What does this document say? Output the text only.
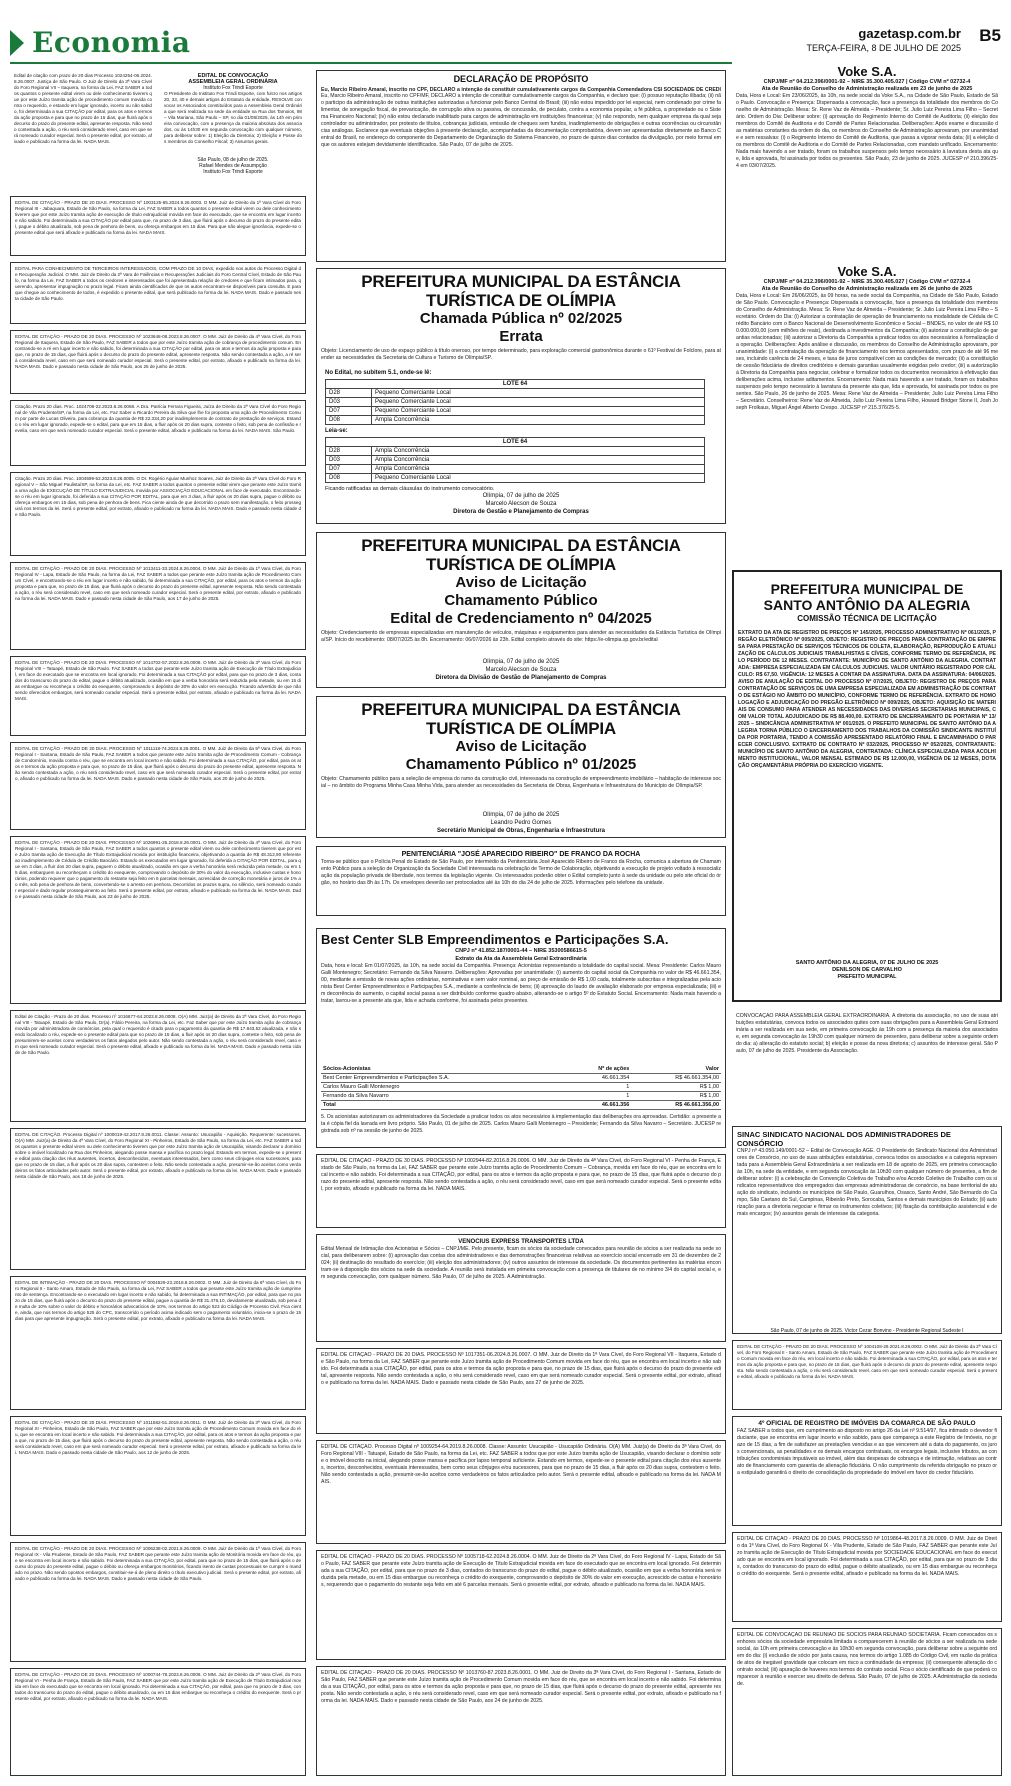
Economia	gazetasp.com.br
TERÇA-FEIRA, 8 DE JULHO DE 2025
B5
Edital de citação com prazo de 20 dias Processo 1024254-06.2024.8.26.0007. Justiça de São Paulo. O Juiz de Direito da 3ª Vara Cível do Foro Regional VII – Itaquera, na forma da Lei, FAZ SABER a todos quantos o presente edital virem ou dele conhecimento tiverem que por este Juízo tramita ação de procedimento comum movida contra o requerido, e estando em lugar ignorado, incerto ou não sabido, foi determinada a sua CITAÇÃO por edital, para os atos e termos da ação proposta e para que no prazo de 15 dias, que fluirá após o decurso do prazo do presente edital, apresente resposta. Não sendo contestada a ação, o réu será considerado revel, caso em que será nomeado curador especial. Será o presente edital, por extrato, afixado e publicado na forma da lei. NADA MAIS.
EDITAL DE CONVOCAÇÃO
ASSEMBLEIA GERAL ORDINÁRIA
Instituto Fox Trindi Esporte
O Presidente do Instituto Fox Trindi Esporte, com fulcro nos artigos 20, 33, 40 e demais artigos do Estatuto da entidade, RESOLVE convocar os Associados constituídos para a Assembleia Geral Ordinária que será realizada na sede da entidade na Rua dos Tamoios, 98 – Vila Mariana, São Paulo – SP, no dia 01/08/2025, às 14h em primeira convocação, com a presença da maioria absoluta dos associados, ou às 14h30 em segunda convocação com qualquer número, para deliberar sobre: 1) Eleição da Diretoria; 2) Eleição e Posse dos membros do Conselho Fiscal; 3) Assuntos gerais.
São Paulo, 08 de julho de 2025.
Rafael Mendes de Assumpção
Instituto Fox Trindi Esporte
EDITAL DE CITAÇÃO - PRAZO DE 20 DIAS. PROCESSO Nº 1003125-65.2024.8.26.0003. O MM. Juiz de Direito da 1ª Vara Cível do Foro Regional III - Jabaquara, Estado de São Paulo, na forma da Lei, FAZ SABER a todos quantos o presente edital virem ou dele conhecimento tiverem que por este Juízo tramita ação de execução de título extrajudicial movida em face do executado, que se encontra em lugar incerto e não sabido. Foi determinada a sua CITAÇÃO por edital para que, no prazo de 3 dias, que fluirá após o decurso do prazo do presente edital, pague o débito atualizado, sob pena de penhora de bens, ou ofereça embargos em 15 dias. Para que não alegue ignorância, expede-se o presente edital que será afixado e publicado na forma da lei. NADA MAIS.
EDITAL PARA CONHECIMENTO DE TERCEIROS INTERESSADOS, COM PRAZO DE 10 DIAS, expedido nos autos do Processo Digital de Recuperação Judicial. O MM. Juiz de Direito da 2ª Vara de Falências e Recuperações Judiciais do Foro Central Cível, Estado de São Paulo, na forma da Lei, FAZ SABER a todos os credores e interessados que foi apresentada relação de credores e que ficam intimados para, querendo, apresentar impugnação no prazo legal. Ficam ainda cientificados de que os autos encontram-se disponíveis para consulta. E para que chegue ao conhecimento de todos, é expedido o presente edital, que será publicado na forma da lei. NADA MAIS. Dado e passado nesta cidade de São Paulo.
EDITAL DE CITAÇÃO - PRAZO DE 20 DIAS. PROCESSO Nº 1023648-08.2023.8.26.0007. O MM. Juiz de Direito da 4ª Vara Cível, do Foro Regional de Itaquera, Estado de São Paulo, FAZ SABER a todos que por este Juízo tramita ação de cobrança de procedimento comum. Encontrando-se a ré em lugar incerto e não sabido, foi determinada a sua CITAÇÃO por edital, para os atos e termos da ação proposta e para que, no prazo de 15 dias, que fluirá após o decurso do prazo do presente edital, apresente resposta. Não sendo contestada a ação, a ré será considerada revel, caso em que será nomeado curador especial. Será o presente edital, por extrato, afixado e publicado na forma da lei. NADA MAIS. Dado e passado nesta cidade de São Paulo, aos 25 de junho de 2025.
Citação. Prazo 20 dias. Proc. 1024708-22.2023.8.26.0068. A Dra. Patrícia Ferrara Figueira, Juíza de Direito da 2ª Vara Cível do Foro Regional de Vila Prudente/SP, na forma da Lei, etc. Faz Saber a Ricardo Pereira da Silva que lhe foi proposta uma ação de Procedimento Comum por parte de Lucas Oliveira, para cobrança da quantia de R$ 22.334,20 por inadimplemento de contrato de prestação de serviços. Estando o réu em lugar ignorado, expede-se o edital, para que em 15 dias, a fluir após os 20 dias supra, conteste o feito, sob pena de confissão e revelia, caso em que será nomeado curador especial. Será o presente edital, afixado e publicado na forma da lei. NADA MAIS. São Paulo.
Citação. Prazo 20 dias. Proc. 1004599-52.2023.8.26.0005. O Dr. Rogério Aguiar Munhoz Soares, Juiz de Direito da 2ª Vara Cível do Foro Regional V – São Miguel Paulista/SP, na forma da Lei, etc. FAZ SABER a todos quantos o presente edital virem que perante este Juízo tramita uma ação de EXECUÇÃO DE TÍTULO EXTRAJUDICIAL movida por ASSOCIAÇÃO EDUCACIONAL em face de executado. Encontrando-se o réu em lugar ignorado, foi deferida a sua CITAÇÃO POR EDITAL, para que em 3 dias, a fluir após os 20 dias supra, pague o débito ou ofereça embargos em 15 dias, sob pena de penhora de bens. Fica ciente ainda de que decorrido o prazo sem manifestação, o feito prosseguirá nos termos da lei. Será o presente edital, por extrato, afixado e publicado na forma da lei. NADA MAIS. Dado e passado nesta cidade de São Paulo.
EDITAL DE CITAÇÃO - PRAZO DE 20 DIAS. PROCESSO Nº 1013411-33.2024.8.26.0004. O MM. Juiz de Direito da 1ª Vara Cível, do Foro Regional IV - Lapa, Estado de São Paulo, na forma da Lei, FAZ SABER a todos que perante este Juízo tramita ação de Procedimento Comum Cível, e encontrando-se o réu em lugar incerto e não sabido, foi determinada a sua CITAÇÃO, por edital, para os atos e termos da ação proposta e para que, no prazo de 15 dias, que fluirá após o decurso do prazo do presente edital, apresente resposta. Não sendo contestada a ação, o réu será considerado revel, caso em que será nomeado curador especial. Será o presente edital, por extrato, afixado e publicado na forma da lei. NADA MAIS. Dado e passado nesta cidade de São Paulo, aos 17 de junho de 2025.
EDITAL DE CITAÇÃO - PRAZO DE 20 DIAS. PROCESSO Nº 1014702-57.2022.8.26.0008. O MM. Juiz de Direito da 3ª Vara Cível, do Foro Regional VIII – Tatuapé, Estado de São Paulo. FAZ SABER a todos que perante este Juízo tramita ação de Execução de Título Extrajudicial, em face do executado que se encontra em local ignorado. Foi determinada a sua CITAÇÃO por edital, para que no prazo de 3 dias, contados do transcurso do prazo do edital, pague o débito atualizado, ocasião em que a verba honorária será reduzida pela metade, ou em 15 dias embargue ou reconheça o crédito do exequente, comprovando o depósito de 30% do valor em execução. Ficando advertido de que não sendo oferecidos embargos, será nomeado curador especial. Será o presente edital, por extrato, afixado e publicado na forma da lei. NADA MAIS.
EDITAL DE CITAÇÃO - PRAZO DE 20 DIAS. PROCESSO Nº 1011118-74.2024.8.26.0001. O MM. Juiz de Direito da 5ª Vara Cível, do Foro Regional I - Santana, Estado de São Paulo, FAZ SABER a todos que perante este Juízo tramita ação de Procedimento Comum - Cobrança de Condomínio, movida contra o réu, que se encontra em local incerto e não sabido. Foi determinada a sua CITAÇÃO, por edital, para os atos e termos da ação proposta e para que, no prazo de 15 dias, que fluirá após o decurso do prazo do presente edital, apresente resposta. Não sendo contestada a ação, o réu será considerado revel, caso em que será nomeado curador especial. Será o presente edital, por extrato, afixado e publicado na forma da lei. NADA MAIS. Dado e passado nesta cidade de São Paulo, aos 20 de junho de 2025.
EDITAL DE CITAÇÃO - PRAZO DE 20 DIAS. PROCESSO Nº 1026991-26.2018.8.26.0001. O MM. Juiz de Direito da 4ª Vara Cível, do Foro Regional I - Santana, Estado de São Paulo, FAZ SABER a todos quantos o presente edital virem ou dele conhecimento tiverem que por este Juízo tramita ação de Execução de Título Extrajudicial movida por instituição financeira, objetivando a quantia de R$ 48.312,90 referente ao inadimplemento de Cédula de Crédito Bancário. Estando os executados em lugar ignorado, foi deferida a CITAÇÃO POR EDITAL, para que em 3 dias, a fluir dos 20 dias supra, paguem o débito atualizado, ocasião em que a verba honorária será reduzida pela metade, ou em 15 dias, embarguem ou reconheçam o crédito do exequente, comprovando o depósito de 30% do valor da execução, inclusive custas e honorários, podendo requerer que o pagamento do restante seja feito em 6 parcelas mensais, acrescidas de correção monetária e juros de 1% ao mês, sob pena de penhora de bens, convertendo-se o arresto em penhora. Decorridos os prazos supra, no silêncio, será nomeado curador especial e dado regular prosseguimento ao feito. Será o presente edital, por extrato, afixado e publicado na forma da lei. NADA MAIS. Dado e passado nesta cidade de São Paulo, aos 23 de junho de 2025.
Edital de Citação - Prazo de 20 dias. Processo nº 1016677-64.2023.8.26.0008. O(A) MM. Juiz(a) de Direito da 2ª Vara Cível, do Foro Regional VIII - Tatuapé, Estado de São Paulo, Dr(a). Fábio Pereira, na forma da Lei, etc. Faz Saber que por este Juízo tramita ação de cobrança movida por administradora de consórcios, pela qual o requerido é citado para o pagamento da quantia de R$ 17.843,52 atualizada, e não sendo localizado o réu, expede-se o presente edital para que no prazo de 15 dias, a fluir após os 20 dias supra, conteste o feito, sob pena de presumirem-se aceitos como verdadeiros os fatos alegados pelo autor. Não sendo contestada a ação, o réu será considerado revel, caso em que será nomeado curador especial. Será o presente edital, afixado e publicado na forma da lei. NADA MAIS. Dado e passado nesta cidade de São Paulo.
EDITAL DE CITAÇÃO. Processo Digital nº 1000019-42.2017.8.26.0011. Classe: Assunto: Usucapião - Aquisição. Requerente: sucessores. O(A) MM. Juiz(a) de Direito da 4ª Vara Cível, do Foro Regional XI - Pinheiros, Estado de São Paulo, na forma da Lei, etc. FAZ SABER a todos quantos o presente edital virem ou dele conhecimento tiverem que por este Juízo tramita ação de Usucapião, visando declarar o domínio sobre o imóvel localizado na Rua dos Pinheiros, alegando posse mansa e pacífica no prazo legal. Estando em termos, expede-se o presente edital para citação dos réus ausentes, incertos, desconhecidos, eventuais interessados, bem como seus cônjuges e/ou sucessores, para que no prazo de 15 dias, a fluir após os 20 dias supra, contestem o feito. Não sendo contestada a ação, presumir-se-ão aceitos como verdadeiros os fatos articulados pelo autor. Será o presente edital, por extrato, afixado e publicado na forma da lei. NADA MAIS. Dado e passado nesta cidade de São Paulo, aos 18 de junho de 2025.
EDITAL DE INTIMAÇÃO - PRAZO DE 20 DIAS. PROCESSO Nº 0004529-23.2018.8.26.0002. O MM. Juiz de Direito da 6ª Vara Cível, do Foro Regional II - Santo Amaro, Estado de São Paulo, na forma da Lei, FAZ SABER a todos que perante este Juízo tramita ação de cumprimento de sentença. Encontrando-se o executado em lugar incerto e não sabido, foi determinada a sua INTIMAÇÃO, por edital, para que no prazo de 15 dias, que fluirá após o decurso do prazo do presente edital, pague a quantia de R$ 31.476,10, devidamente atualizada, sob pena de multa de 10% sobre o valor do débito e honorários advocatícios de 10%, nos termos do artigo 523 do Código de Processo Civil. Fica ciente, ainda, que nos termos do artigo 525 do CPC, transcorrido o período acima indicado sem o pagamento voluntário, inicia-se o prazo de 15 dias para que apresente impugnação. Será o presente edital, por extrato, afixado e publicado na forma da lei. NADA MAIS.
EDITAL DE CITAÇÃO - PRAZO DE 20 DIAS. PROCESSO Nº 1011582-51.2019.8.26.0011. O MM. Juiz de Direito da 3ª Vara Cível, do Foro Regional XI - Pinheiros, Estado de São Paulo, FAZ SABER que por este Juízo tramita ação de Procedimento Comum movida em face do réu, que se encontra em local incerto e não sabido. Foi determinada a sua CITAÇÃO, por edital, para os atos e termos da ação proposta e para que, no prazo de 15 dias, que fluirá após o decurso do prazo do presente edital, apresente resposta. Não sendo contestada a ação, o réu será considerado revel, caso em que será nomeado curador especial. Será o presente edital, por extrato, afixado e publicado na forma da lei. NADA MAIS. Dado e passado nesta cidade de São Paulo, aos 12 de junho de 2025.
EDITAL DE CITAÇÃO - PRAZO DE 20 DIAS. PROCESSO Nº 1006238-02.2021.8.26.0009. O MM. Juiz de Direito da 1ª Vara Cível, do Foro Regional IX - Vila Prudente, Estado de São Paulo, FAZ SABER que perante este Juízo tramita ação de Monitória movida em face do réu, que se encontra em local incerto e não sabido. Foi determinada a sua CITAÇÃO, por edital, para que no prazo de 15 dias, que fluirá após o decurso do prazo do presente edital, pague o débito ou ofereça embargos monitórios, ficando isento de custas processuais se cumprir o mandado no prazo. Não sendo opostos embargos, constituir-se-á de pleno direito o título executivo judicial. Será o presente edital, por extrato, afixado e publicado na forma da lei. NADA MAIS. Dado e passado nesta cidade de São Paulo.
EDITAL DE CITAÇÃO - PRAZO DE 20 DIAS. PROCESSO Nº 1000744-78.2023.8.26.0006. O MM. Juiz de Direito da 2ª Vara Cível, do Foro Regional VI - Penha de França, Estado de São Paulo, FAZ SABER que por este Juízo tramita ação de Execução de Título Extrajudicial movida em face do executado que se encontra em local ignorado. Foi determinada a sua CITAÇÃO, por edital, para que no prazo de 3 dias, contados do transcurso do prazo do edital, pague o débito atualizado, ou em 15 dias embargue ou reconheça o crédito do exequente. Será o presente edital, por extrato, afixado e publicado na forma da lei. NADA MAIS.
DECLARAÇÃO DE PROPÓSITO
Eu, Marcio Ribeiro Amaral, inscrito no CPF, DECLARO a intenção de constituir cumulativamente cargos da Companhia Comendadora CSI SOCIEDADE DE CRÉDI
Eu, Marcio Ribeiro Amaral, inscrito no CPF/MF, DECLARO a intenção de constituir cumulativamente cargos da Companhia, e declaro que: (i) possuo reputação ilibada; (ii) não participo da administração de outras instituições autorizadas a funcionar pelo Banco Central do Brasil; (iii) não estou impedido por lei especial, nem condenado por crime falimentar, de sonegação fiscal, de prevaricação, de corrupção ativa ou passiva, de concussão, de peculato, contra a economia popular, a fé pública, a propriedade ou o Sistema Financeiro Nacional; (iv) não estou declarado inabilitado para cargos de administração em instituições financeiras; (v) não respondo, nem qualquer empresa da qual seja controlador ou administrador, por protesto de títulos, cobranças judiciais, emissão de cheques sem fundos, inadimplemento de obrigações e outras ocorrências ou circunstâncias análogas. Esclarece que eventuais objeções à presente declaração, acompanhadas da documentação comprobatória, devem ser apresentadas diretamente ao Banco Central do Brasil, no endereço do componente do Departamento de Organização do Sistema Financeiro, no prazo de quinze dias contados da divulgação, por meio formal em que os autores estejam devidamente identificados. São Paulo, 07 de julho de 2025.
PREFEITURA MUNICIPAL DA ESTÂNCIA
TURÍSTICA DE OLÍMPIA
Chamada Pública nº 02/2025
Errata
Objeto: Licenciamento de uso de espaço público à título oneroso, por tempo determinado, para exploração comercial gastronômica durante o 61º Festival de Folclore, para atender as necessidades da Secretaria de Cultura e Turismo de Olímpia/SP.
No Edital, no subitem 5.1, onde-se lê:
LOTE 64	
D28	Pequeno Comerciante Local
D03	Pequeno Comerciante Local
D07	Pequeno Comerciante Local
D08	Ampla Concorrência
Leia-se:
LOTE 64	
D28	Ampla Concorrência
D03	Ampla Concorrência
D07	Ampla Concorrência
D08	Pequeno Comerciante Local
Ficando ratificadas as demais cláusulas do instrumento convocatório.
Olímpia, 07 de julho de 2025
Marcelo Alecson de Souza
Diretora de Gestão e Planejamento de Compras
PREFEITURA MUNICIPAL DA ESTÂNCIA
TURÍSTICA DE OLÍMPIA
Aviso de Licitação
Chamamento Público
Edital de Credenciamento nº 04/2025
Objeto: Credenciamento de empresas especializadas em manutenção de veículos, máquinas e equipamentos para atender as necessidades da Estância Turística de Olímpia/SP. Início do recebimento: 08/07/2025 às 8h. Encerramento: 06/07/2026 às 23h. Edital completo através do site: https://e-olimpia.sp.gov.br/edital
Olímpia, 07 de julho de 2025
Marcelo Alecson de Souza
Diretora da Divisão de Gestão de Planejamento de Compras
PREFEITURA MUNICIPAL DA ESTÂNCIA
TURÍSTICA DE OLÍMPIA
Aviso de Licitação
Chamamento Público nº 01/2025
Objeto: Chamamento público para a seleção de empresa do ramo da construção civil, interessada na construção de empreendimento imobiliário – habitação de interesse social – no âmbito do Programa Minha Casa Minha Vida, para atender as necessidades da Secretaria de Obras, Engenharia e Infraestrutura do Município de Olímpia/SP.
Olímpia, 07 de julho de 2025
Leandro Pedro Gomes
Secretário Municipal de Obras, Engenharia e Infraestrutura
PENITENCIÁRIA "JOSÉ APARECIDO RIBEIRO" DE FRANCO DA ROCHA
Torna-se público que o Polícia Penal do Estado de São Paulo, por intermédio da Penitenciária José Aparecido Ribeiro de Franco da Rocha, comunica a abertura de Chamamento Público para a seleção de Organização da Sociedade Civil interessada na celebração de Termo de Colaboração, objetivando a execução de projeto voltado à ressocialização da população privada de liberdade, nos termos da legislação vigente. Os interessados poderão obter o Edital completo junto à sede da unidade ou pelo site oficial do órgão, no horário das 8h às 17h. Os envelopes deverão ser protocolados até às 10h do dia 24 de julho de 2025. Informações pelo telefone da unidade.
Best Center SLB Empreendimentos e Participações S.A.
CNPJ nº 41.852.187/0001-44 – NIRE 35300586615-5
Extrato da Ata da Assembleia Geral Extraordinária
Data, hora e local: Em 01/07/2025, às 10h, na sede social da Companhia. Presença: Acionistas representando a totalidade do capital social. Mesa: Presidente: Carlos Mauro Galli Montenegro; Secretário: Fernando da Silva Navarro. Deliberações: Aprovadas por unanimidade: (i) aumento do capital social da Companhia no valor de R$ 46.661.354,00, mediante a emissão de novas ações ordinárias, nominativas e sem valor nominal, ao preço de emissão de R$ 1,00 cada, totalmente subscritas e integralizadas pela acionista Best Center Empreendimentos e Participações S.A., mediante a conferência de bens; (ii) aprovação do laudo de avaliação elaborado por empresa especializada; (iii) em decorrência do aumento, o capital social passa a ser distribuído conforme quadro abaixo, alterando-se o artigo 5º do Estatuto Social. Encerramento: Nada mais havendo a tratar, lavrou-se a presente ata que, lida e achada conforme, foi assinada pelos presentes.
Sócios-Acionistas	Nº de ações	Valor
Best Center Empreendimentos e Participações S.A.	46.661.354	R$ 46.661.354,00
Carlos Mauro Galli Montenegro	1	R$ 1,00
Fernando da Silva Navarro	1	R$ 1,00
Total	46.661.356	R$ 46.661.356,00
5. Os acionistas autorizaram os administradores da Sociedade a praticar todos os atos necessários à implementação das deliberações ora aprovadas. Certidão: a presente ata é cópia fiel da lavrada em livro próprio. São Paulo, 01 de julho de 2025. Carlos Mauro Galli Montenegro – Presidente; Fernando da Silva Navarro – Secretário. JUCESP registrada sob nº na sessão de junho de 2025.
EDITAL DE CITAÇÃO - PRAZO DE 30 DIAS. PROCESSO Nº 1002944-82.2016.8.26.0006. O MM. Juiz de Direito da 4ª Vara Cível, do Foro Regional VI - Penha de França, Estado de São Paulo, na forma da Lei, FAZ SABER que perante este Juízo tramita ação de Procedimento Comum – Cobrança, movida em face do réu, que se encontra em local incerto e não sabido. Foi determinada a sua CITAÇÃO, por edital, para os atos e termos da ação proposta e para que, no prazo de 15 dias, que fluirá após o decurso do prazo do presente edital, apresente resposta. Não sendo contestada a ação, o réu será considerado revel, caso em que será nomeado curador especial. Será o presente edital, por extrato, afixado e publicado na forma da lei. NADA MAIS.
VENOCIUS EXPRESS TRANSPORTES LTDA
Edital Mensal de Intimação dos Acionistas e Sócios – CNPJ/ME. Pelo presente, ficam os sócios da sociedade convocados para reunião de sócios a ser realizada na sede social, para deliberarem sobre: (i) aprovação das contas dos administradores e das demonstrações financeiras relativas ao exercício social encerrado em 31 de dezembro de 2024; (ii) destinação do resultado do exercício; (iii) eleição dos administradores; (iv) outros assuntos de interesse da sociedade. Os documentos pertinentes às matérias encontram-se à disposição dos sócios na sede da sociedade. A reunião será instalada em primeira convocação com a presença de titulares de no mínimo 3/4 do capital social e, em segunda convocação, com qualquer número. São Paulo, 07 de julho de 2025. A Administração.
EDITAL DE CITAÇÃO - PRAZO DE 20 DIAS. PROCESSO Nº 1017351-06.2024.8.26.0007. O MM. Juiz de Direito da 1ª Vara Cível, do Foro Regional VII - Itaquera, Estado de São Paulo, na forma da Lei, FAZ SABER que perante este Juízo tramita ação de Procedimento Comum movida em face do réu, que se encontra em local incerto e não sabido. Foi determinada a sua CITAÇÃO, por edital, para os atos e termos da ação proposta e para que, no prazo de 15 dias, que fluirá após o decurso do prazo do presente edital, apresente resposta. Não sendo contestada a ação, o réu será considerado revel, caso em que será nomeado curador especial. Será o presente edital, por extrato, afixado e publicado na forma da lei. NADA MAIS. Dado e passado nesta cidade de São Paulo, aos 27 de junho de 2025.
EDITAL DE CITAÇÃO. Processo Digital nº 1009254-64.2019.8.26.0008. Classe: Assunto: Usucapião - Usucapião Ordinária. O(A) MM. Juiz(a) de Direito da 3ª Vara Cível, do Foro Regional VIII - Tatuapé, Estado de São Paulo, na forma da Lei, etc. FAZ SABER a todos que por este Juízo tramita ação de Usucapião, visando declarar o domínio sobre o imóvel descrito na inicial, alegando posse mansa e pacífica por lapso temporal suficiente. Estando em termos, expede-se o presente edital para citação dos réus ausentes, incertos, desconhecidos, eventuais interessados, bem como seus cônjuges e/ou sucessores, para que no prazo de 15 dias, a fluir após os 20 dias supra, contestem o feito. Não sendo contestada a ação, presumir-se-ão aceitos como verdadeiros os fatos articulados pelo autor. Será o presente edital, afixado e publicado na forma da lei. NADA MAIS.
EDITAL DE CITAÇÃO - PRAZO DE 20 DIAS. PROCESSO Nº 1005718-62.2024.8.26.0004. O MM. Juiz de Direito da 2ª Vara Cível, do Foro Regional IV - Lapa, Estado de São Paulo, FAZ SABER que perante este Juízo tramita ação de Execução de Título Extrajudicial movida em face do executado que se encontra em local ignorado. Foi determinada a sua CITAÇÃO, por edital, para que no prazo de 3 dias, contados do transcurso do prazo do edital, pague o débito atualizado, ocasião em que a verba honorária será reduzida pela metade, ou em 15 dias embargue ou reconheça o crédito do exequente, comprovando o depósito de 30% do valor em execução, acrescido de custas e honorários, requerendo que o pagamento do restante seja feito em até 6 parcelas mensais. Será o presente edital, por extrato, afixado e publicado na forma da lei. NADA MAIS.
EDITAL DE CITAÇÃO - PRAZO DE 20 DIAS. PROCESSO Nº 1013760-87.2023.8.26.0001. O MM. Juiz de Direito da 3ª Vara Cível, do Foro Regional I - Santana, Estado de São Paulo, FAZ SABER que perante este Juízo tramita ação de Procedimento Comum movida em face do réu, que se encontra em local incerto e não sabido. Foi determinada a sua CITAÇÃO, por edital, para os atos e termos da ação proposta e para que, no prazo de 15 dias, que fluirá após o decurso do prazo do presente edital, apresente resposta. Não sendo contestada a ação, o réu será considerado revel, caso em que será nomeado curador especial. Será o presente edital, por extrato, afixado e publicado na forma da lei. NADA MAIS. Dado e passado nesta cidade de São Paulo, aos 24 de junho de 2025.
Voke S.A.
CNPJ/MF nº 04.212.396/0001-92 – NIRE 35.300.405.027 | Código CVM nº 02732-4
Ata de Reunião do Conselho de Administração realizada em 23 de junho de 2025
Data, Hora e Local: Em 23/06/2025, às 10h, na sede social da Voke S.A., na Cidade de São Paulo, Estado de São Paulo. Convocação e Presença: Dispensada a convocação, face a presença da totalidade dos membros do Conselho de Administração. Mesa: Sr. Rene Vaz de Almeida – Presidente; Sr. Julio Luiz Pereira Lima Filho – Secretário. Ordem do Dia: Deliberar sobre: (i) aprovação do Regimento Interno do Comitê de Auditoria; (ii) eleição dos membros do Comitê de Auditoria e do Comitê de Partes Relacionadas. Deliberações: Após exame e discussão das matérias constantes da ordem do dia, os membros do Conselho de Administração aprovaram, por unanimidade e sem ressalvas: (i) o Regimento Interno do Comitê de Auditoria, que passa a vigorar nesta data; (ii) a eleição dos membros do Comitê de Auditoria e do Comitê de Partes Relacionadas, com mandato unificado. Encerramento: Nada mais havendo a ser tratado, foram os trabalhos suspensos pelo tempo necessário à lavratura desta ata que, lida e aprovada, foi assinada por todos os presentes. São Paulo, 23 de junho de 2025. JUCESP nº 210.396/25-4 em 03/07/2025.
Voke S.A.
CNPJ/MF nº 04.212.396/0001-92 – NIRE 35.300.405.027 | Código CVM nº 02732-4
Ata de Reunião do Conselho de Administração realizada em 26 de junho de 2025
Data, Hora e Local: Em 26/06/2025, às 09 horas, na sede social da Companhia, na Cidade de São Paulo, Estado de São Paulo. Convocação e Presença: Dispensada a convocação, face a presença da totalidade dos membros do Conselho de Administração. Mesa: Sr. Rene Vaz de Almeida – Presidente; Sr. Julio Luiz Pereira Lima Filho – Secretário. Ordem do Dia: (i) Autorizar a contratação de operação de financiamento na modalidade de Cédula de Crédito Bancário com o Banco Nacional de Desenvolvimento Econômico e Social – BNDES, no valor de até R$ 100.000.000,00 (cem milhões de reais), destinada a investimentos da Companhia; (ii) autorizar a constituição de garantias relacionadas; (iii) autorizar a Diretoria da Companhia a praticar todos os atos necessários à formalização da operação. Deliberações: Após análise e discussão, os membros do Conselho de Administração aprovaram, por unanimidade: (i) a contratação da operação de financiamento nos termos apresentados, com prazo de até 96 meses, incluindo carência de 24 meses, e taxa de juros compatível com as condições de mercado; (ii) a constituição de cessão fiduciária de direitos creditórios e demais garantias usualmente exigidas pelo credor; (iii) a autorização à Diretoria da Companhia para negociar, celebrar e formalizar todos os documentos necessários à efetivação das deliberações acima, inclusive aditamentos. Encerramento: Nada mais havendo a ser tratado, foram os trabalhos suspensos pelo tempo necessário à lavratura da presente ata que, lida e aprovada, foi assinada por todos os presentes. São Paulo, 26 de junho de 2025. Mesa: Rene Vaz de Almeida – Presidente; Julio Luiz Pereira Lima Filho – Secretário. Conselheiros: Rene Vaz de Almeida, Julio Luiz Pereira Lima Filho, Howard Bridger Stone II, Josh Joseph Frolkaus, Miguel Ángel Alberto Crespo. JUCESP nº 215.376/25-5.
PREFEITURA MUNICIPAL DE
SANTO ANTÔNIO DA ALEGRIA
COMISSÃO TÉCNICA DE LICITAÇÃO
EXTRATO DA ATA DE REGISTRO DE PREÇOS Nº 145/2025, PROCESSO ADMINISTRATIVO Nº 061/2025, PREGÃO ELETRÔNICO Nº 005/2025, OBJETO: REGISTRO DE PREÇOS PARA CONTRATAÇÃO DE EMPRESA PARA PRESTAÇÃO DE SERVIÇOS TÉCNICOS DE COLETA, ELABORAÇÃO, REPRODUÇÃO E ATUALIZAÇÃO DE CÁLCULOS JUDICIAIS TRABALHISTAS E CÍVEIS, CONFORME TERMO DE REFERÊNCIA, PELO PERÍODO DE 12 MESES. CONTRATANTE: MUNICÍPIO DE SANTO ANTÔNIO DA ALEGRIA. CONTRATADA: EMPRESA ESPECIALIZADA EM CÁLCULOS JUDICIAIS. VALOR UNITÁRIO REGISTRADO POR CÁLCULO: R$ 67,50. VIGÊNCIA: 12 MESES A CONTAR DA ASSINATURA. DATA DA ASSINATURA: 04/06/2025. AVISO DE ANULAÇÃO DE EDITAL DO PROCESSO Nº 07/2025, OBJETO: REGISTRO DE PREÇOS PARA CONTRATAÇÃO DE SERVIÇOS DE UMA EMPRESA ESPECIALIZADA EM ADMINISTRAÇÃO DE CONTRATO DE ESTÁGIO NO ÂMBITO DO MUNICÍPIO, CONFORME TERMO DE REFERÊNCIA. EXTRATO DE HOMOLOGAÇÃO E ADJUDICAÇÃO DO PREGÃO ELETRÔNICO Nº 009/2025, OBJETO: AQUISIÇÃO DE MATERIAIS DE CONSUMO PARA ATENDER AS NECESSIDADES DAS DIVERSAS SECRETARIAS MUNICIPAIS, COM VALOR TOTAL ADJUDICADO DE R$ 88.400,00. EXTRATO DE ENCERRAMENTO DE PORTARIA Nº 13/2025 – SINDICÂNCIA ADMINISTRATIVA Nº 001/2025. O PREFEITO MUNICIPAL DE SANTO ANTÔNIO DA ALEGRIA TORNA PÚBLICO O ENCERRAMENTO DOS TRABALHOS DA COMISSÃO SINDICANTE INSTITUÍDA POR PORTARIA, TENDO A COMISSÃO APRESENTADO RELATÓRIO FINAL E ENCAMINHADO O PARECER CONCLUSIVO. EXTRATO DE CONTRATO Nº 032/2025, PROCESSO Nº 052/2025, CONTRATANTE: MUNICÍPIO DE SANTO ANTÔNIO DA ALEGRIA, CONTRATADA: CLÍNICA ESPECIALIZADA PARA ACOLHIMENTO INSTITUCIONAL, VALOR MENSAL ESTIMADO DE R$ 12.000,00, VIGÊNCIA DE 12 MESES, DOTAÇÃO ORÇAMENTÁRIA PRÓPRIA DO EXERCÍCIO VIGENTE.
SANTO ANTÔNIO DA ALEGRIA, 07 DE JULHO DE 2025
DENILSON DE CARVALHO
PREFEITO MUNICIPAL
CONVOCAÇÃO PARA ASSEMBLEIA GERAL EXTRAORDINÁRIA. A diretoria da associação, no uso de suas atribuições estatutárias, convoca todos os associados quites com suas obrigações para a Assembleia Geral Extraordinária a ser realizada em sua sede, em primeira convocação às 19h com a presença da maioria dos associados e, em segunda convocação às 19h30 com qualquer número de presentes, para deliberar sobre a seguinte ordem do dia: a) alteração do estatuto social; b) eleição e posse da nova diretoria; c) assuntos de interesse geral. São Paulo, 07 de julho de 2025. Presidente da Associação.
SINAC SINDICATO NACIONAL DOS ADMINISTRADORES DE CONSÓRCIO
CNPJ nº 43.050.149/0001-52 – Edital de Convocação AGE. O Presidente do Sindicato Nacional dos Administradores de Consórcio, no uso de suas atribuições estatutárias, convoca todos os associados e a categoria representada para a Assembleia Geral Extraordinária a ser realizada em 18 de agosto de 2025, em primeira convocação às 10h, na sede da entidade, e em segunda convocação às 10h30 com qualquer número de presentes, a fim de deliberar sobre: (i) a celebração de Convenção Coletiva de Trabalho e/ou Acordo Coletivo de Trabalho com os sindicatos representativos dos empregados das empresas administradoras de consórcio, na base territorial de atuação do sindicato, incluindo os municípios de São Paulo, Guarulhos, Osasco, Santo André, São Bernardo do Campo, São Caetano do Sul, Campinas, Ribeirão Preto, Sorocaba, Santos e demais municípios do Estado; (ii) autorização para a diretoria negociar e firmar os instrumentos coletivos; (iii) fixação da contribuição assistencial e demais encargos; (iv) assuntos gerais de interesse da categoria.
São Paulo, 07 de junho de 2025. Victor Cezar Bonvino - Presidente Regional Sudeste I
EDITAL DE CITAÇÃO - PRAZO DE 20 DIAS. PROCESSO Nº 1004108-29.2021.8.26.0002. O MM. Juiz de Direito da 2ª Vara Cível, do Foro Regional II - Santo Amaro, Estado de São Paulo, FAZ SABER que perante este Juízo tramita ação de Procedimento Comum movida em face do réu, em local incerto e não sabido. Foi determinada a sua CITAÇÃO, por edital, para os atos e termos da ação proposta e para que, no prazo de 15 dias, que fluirá após o decurso do prazo do presente edital, apresente resposta. Não sendo contestada a ação, o réu será considerado revel, caso em que será nomeado curador especial. Será o presente edital, afixado e publicado na forma da lei. NADA MAIS.
4º OFICIAL DE REGISTRO DE IMÓVEIS DA COMARCA DE SÃO PAULO
FAZ SABER a todos que, em cumprimento ao disposto no artigo 26 da Lei nº 9.514/97, fica intimado o devedor fiduciante, que se encontra em lugar incerto e não sabido, para que compareça a este Registro de Imóveis, no prazo de 15 dias, a fim de satisfazer as prestações vencidas e as que vencerem até a data do pagamento, os juros convencionais, as penalidades e os demais encargos contratuais, os encargos legais, inclusive tributos, as contribuições condominiais imputáveis ao imóvel, além das despesas de cobrança e de intimação, relativas ao contrato de financiamento com garantia de alienação fiduciária. O não cumprimento da referida obrigação no prazo ora estipulado garantirá o direito de consolidação da propriedade do imóvel em favor do credor fiduciário.
EDITAL DE CITAÇÃO - PRAZO DE 20 DIAS. PROCESSO Nº 1019864-48.2017.8.26.0009. O MM. Juiz de Direito da 1ª Vara Cível, do Foro Regional IX - Vila Prudente, Estado de São Paulo, FAZ SABER que perante este Juízo tramita ação de Execução de Título Extrajudicial movida por SOCIEDADE EDUCACIONAL em face do executado que se encontra em local ignorado. Foi determinada a sua CITAÇÃO, por edital, para que no prazo de 3 dias, contados do transcurso do prazo do edital, pague o débito atualizado, ou em 15 dias embargue ou reconheça o crédito do exequente. Será o presente edital, afixado e publicado na forma da lei. NADA MAIS.
EDITAL DE CONVOCAÇÃO DE REUNIÃO DE SÓCIOS PARA REUNIÃO SOCIETÁRIA. Ficam convocados os senhores sócios da sociedade empresária limitada a comparecerem à reunião de sócios a ser realizada na sede social, às 10h em primeira convocação e às 10h30 em segunda convocação, para deliberar sobre a seguinte ordem do dia: (i) exclusão de sócio por justa causa, nos termos do artigo 1.085 do Código Civil, em razão da prática de atos de inegável gravidade que colocam em risco a continuidade da empresa; (ii) consequente alteração do contrato social; (iii) apuração de haveres nos termos do contrato social. Fica o sócio cientificado de que poderá comparecer à reunião e exercer seu direito de defesa. São Paulo, 07 de julho de 2025. A Administração da sociedade.
